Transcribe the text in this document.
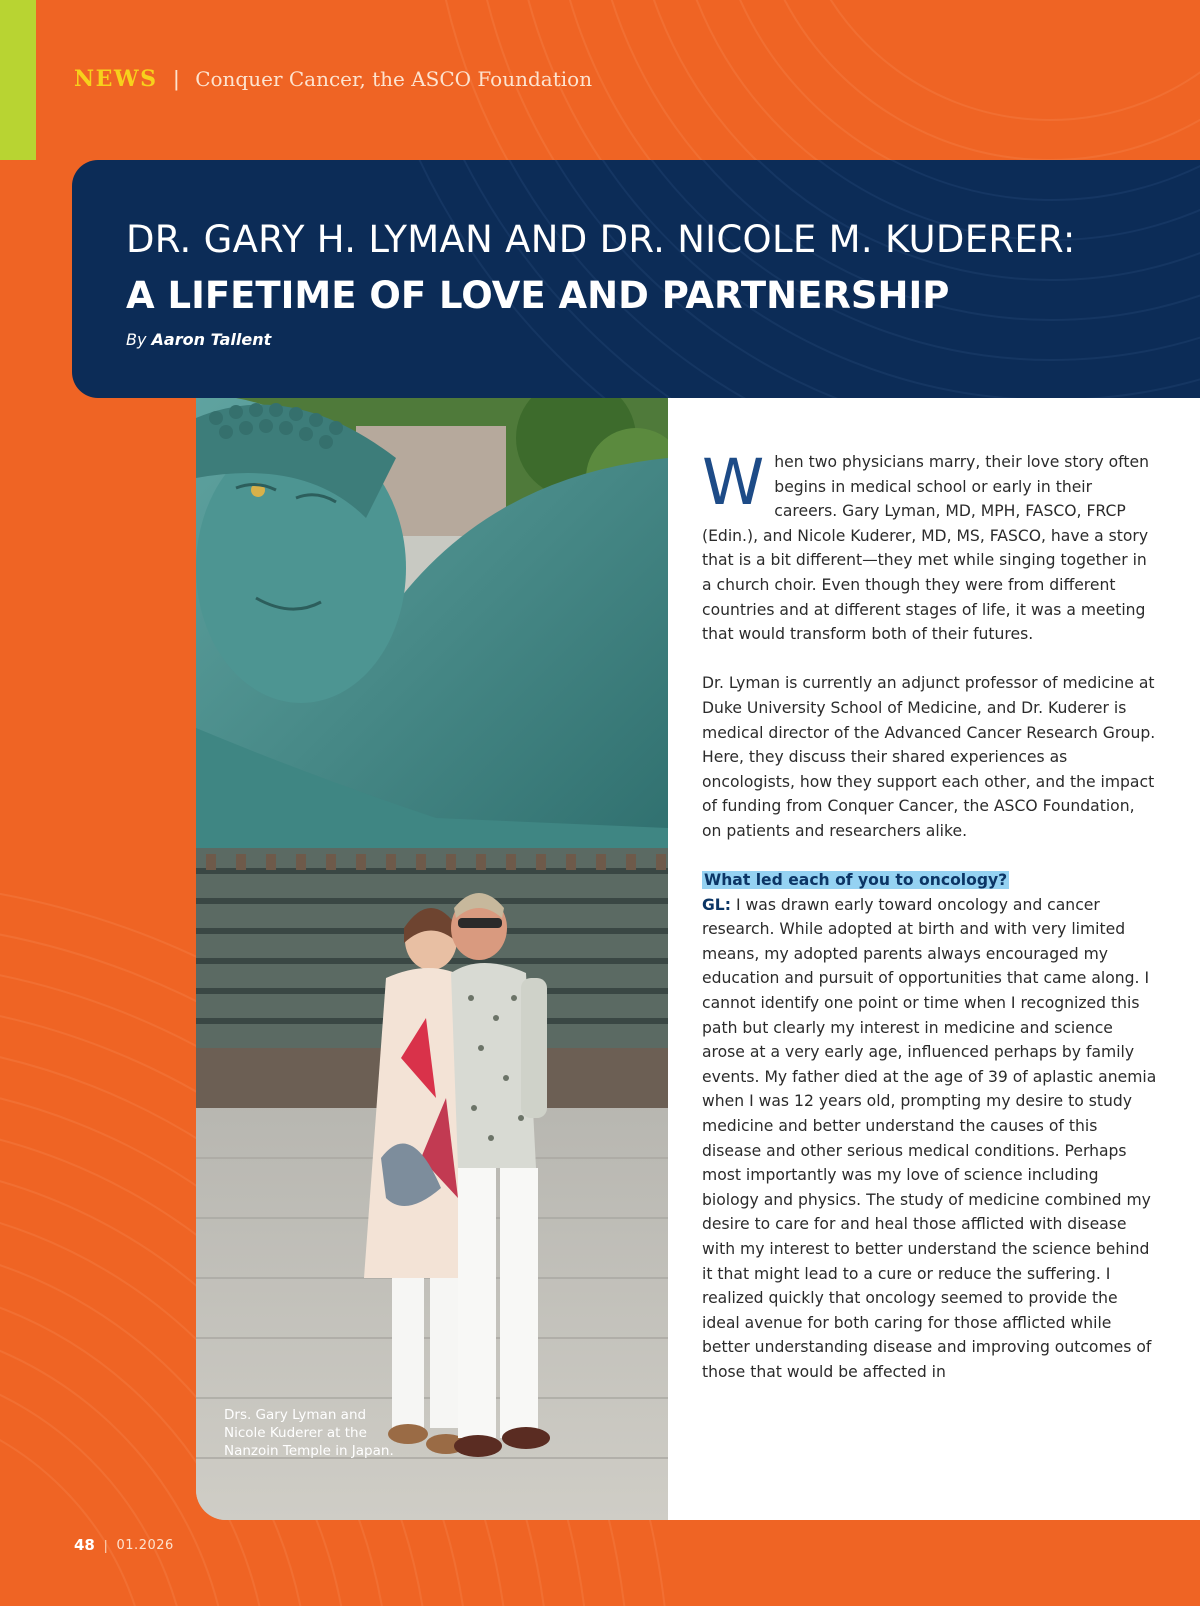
NEWS | Conquer Cancer, the ASCO Foundation
DR. GARY H. LYMAN AND DR. NICOLE M. KUDERER:
A LIFETIME OF LOVE AND PARTNERSHIP
By Aaron Tallent
Drs. Gary Lyman and Nicole Kuderer at the Nanzoin Temple in Japan.

When two physicians marry, their love story often begins in medical school or early in their careers. Gary Lyman, MD, MPH, FASCO, FRCP (Edin.), and Nicole Kuderer, MD, MS, FASCO, have a story that is a bit different—they met while singing together in a church choir. Even though they were from different countries and at different stages of life, it was a meeting that would transform both of their futures.

Dr. Lyman is currently an adjunct professor of medicine at Duke University School of Medicine, and Dr. Kuderer is medical director of the Advanced Cancer Research Group. Here, they discuss their shared experiences as oncologists, how they support each other, and the impact of funding from Conquer Cancer, the ASCO Foundation, on patients and researchers alike.

What led each of you to oncology?
GL: I was drawn early toward oncology and cancer research. While adopted at birth and with very limited means, my adopted parents always encouraged my education and pursuit of opportunities that came along. I cannot identify one point or time when I recognized this path but clearly my interest in medicine and science arose at a very early age, influenced perhaps by family events. My father died at the age of 39 of aplastic anemia when I was 12 years old, prompting my desire to study medicine and better understand the causes of this disease and other serious medical conditions. Perhaps most importantly was my love of science including biology and physics. The study of medicine combined my desire to care for and heal those afflicted with disease with my interest to better understand the science behind it that might lead to a cure or reduce the suffering. I realized quickly that oncology seemed to provide the ideal avenue for both caring for those afflicted while better understanding disease and improving outcomes of those that would be affected in

48 | 01.2026
